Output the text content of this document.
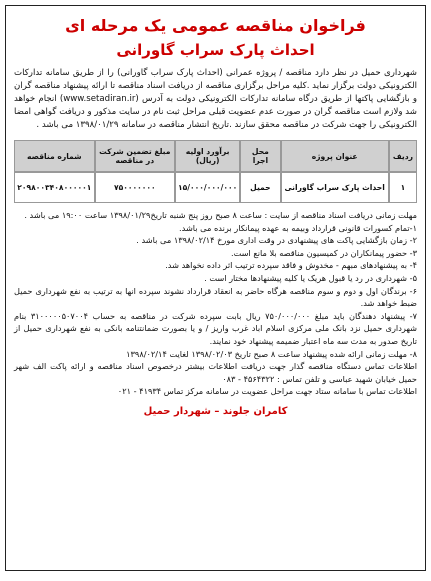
فراخوان مناقصه عمومی یک مرحله ای
احداث پارک سراب گاورانی
شهرداری حمیل در نظر دارد مناقصه / پروژه عمرانی (احداث پارک سراب گاورانی) را از طریق سامانه تدارکات الکترونیکی دولت برگزار نماید .کلیه مراحل برگزاری مناقصه از دریافت اسناد مناقصه تا ارائه پیشنهاد مناقصه گران و بازگشایی پاکتها از طریق درگاه سامانه تدارکات الکترونیکی دولت به آدرس (www.setadiran.ir) انجام خواهد شد ولازم است مناقصه گران در صورت عدم عضویت قبلی مراحل ثبت نام در سایت مذکور و دریافت گواهی امضا الکترونیکی را جهت شرکت در مناقصه محقق سازند .تاریخ انتشار مناقصه در سامانه ۱۳۹۸/۰۱/۲۹ می باشد .
ردیف	عنوان پروژه	محل اجرا	برآورد اولیه (ریال)	مبلغ تضمین شرکت در مناقصه	شماره مناقصه
۱	احداث پارک سراب گاورانی	حمیل	۱۵/۰۰۰/۰۰۰/۰۰۰	۷۵۰۰۰۰۰۰۰	۲۰۹۸۰۰۳۴۰۸۰۰۰۰۰۱

مهلت زمانی دریافت اسناد مناقصه از سایت : ساعت ۸ صبح روز پنج شنبه تاریخ۱۳۹۸/۰۱/۲۹ ساعت ۱۹:۰۰ می باشد .

۱-تمام کسورات قانونی قرارداد وبیمه به عهده پیمانکار برنده می باشد.

۲- زمان بازگشایی پاکت های پیشنهادی در وقت اداری مورخ ۱۳۹۸/۰۲/۱۴ می باشد .

۳- حضور پیمانکاران در کمیسیون مناقصه بلا مانع است.

۴- به پیشنهادهای مبهم - مخدوش و فاقد سپرده ترتیب اثر داده نخواهد شد.

۵- شهرداری در رد یا قبول هریک یا کلیه پیشنهادها مختار است .

۶- برندگان اول و دوم و سوم مناقصه هرگاه حاضر به انعقاد قرارداد نشوند سپرده انها به ترتیب به نفع شهرداری حمیل ضبط خواهد شد.

۷- پیشنهاد دهندگان باید مبلغ ۷۵۰/۰۰۰/۰۰۰ ریال بابت سپرده شرکت در مناقصه به حساب ۳۱۰۰۰۰۰۵۰۷۰۰۴ بنام شهرداری حمیل نزد بانک ملی مرکزی اسلام اباد غرب واریز / و یا بصورت ضمانتنامه بانکی به نفع شهرداری حمیل از تاریخ صدور به مدت سه ماه اعتبار ضمیمه پیشنهاد خود نمایند.

۸- مهلت زمانی ارائه شده پیشنهاد ساعت ۸ صبح تاریخ ۱۳۹۸/۰۲/۰۳ لغایت ۱۳۹۸/۰۲/۱۴

اطلاعات تماس دستگاه مناقصه گذار جهت دریافت اطلاعات بیشتر درخصوص اسناد مناقصه و ارائه پاکت الف شهر حمیل خیابان شهید عباسی و تلفن تماس : ۴۵۶۴۳۲۲ - ۰۸۳

اطلاعات تماس با سامانه ستاد جهت مراحل عضویت در سامانه مرکز تماس ۴۱۹۳۴ - ۰۲۱

کامران جلوند – شهردار حمیل
